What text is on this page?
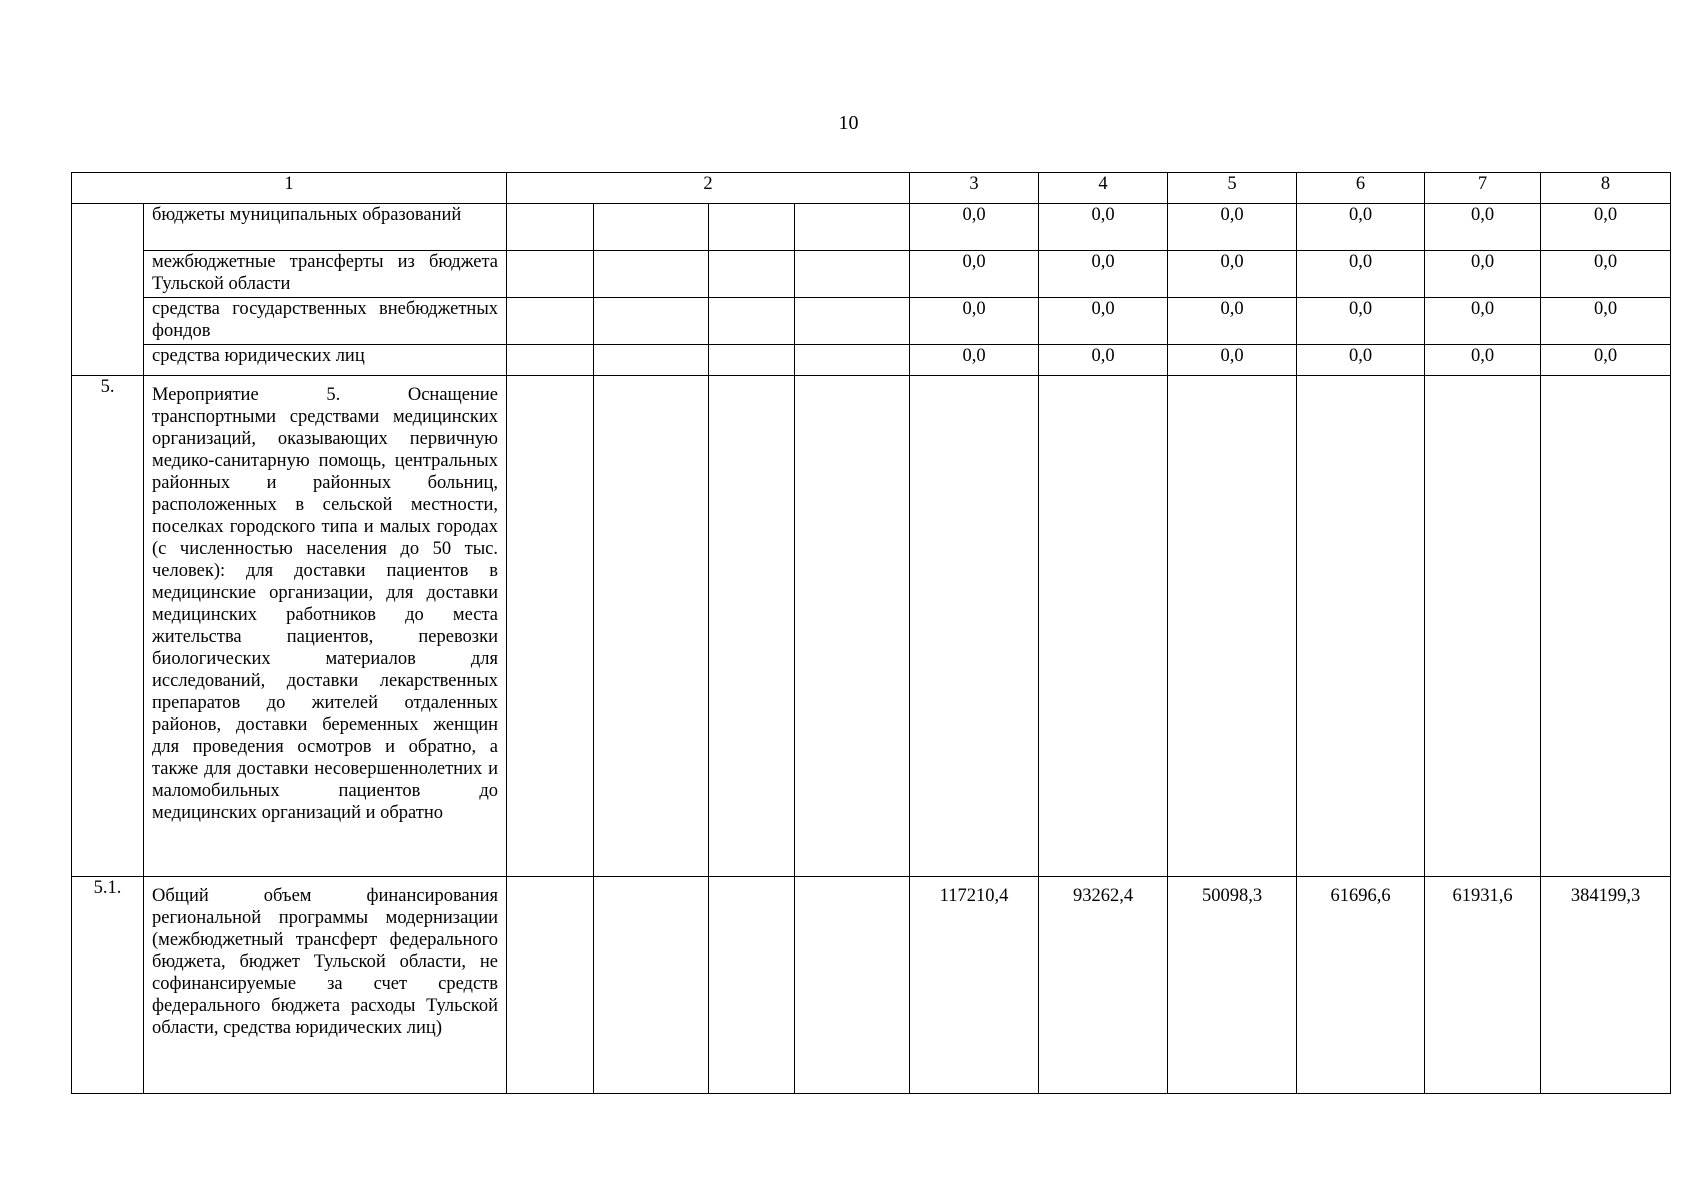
10
1		2				3	4	5	6	7	8
	бюджеты муниципальных образований					0,0	0,0	0,0	0,0	0,0	0,0
	межбюджетные трансферты из бюджета Тульской области					0,0	0,0	0,0	0,0	0,0	0,0
	средства государственных внебюджетных фондов					0,0	0,0	0,0	0,0	0,0	0,0
	средства юридических лиц					0,0	0,0	0,0	0,0	0,0	0,0
5.	Мероприятие 5. Оснащение транспортными средствами медицинских организаций, оказывающих первичную медико-санитарную помощь, центральных районных и районных больниц, расположенных в сельской местности, поселках городского типа и малых городах (с численностью населения до 50 тыс. человек): для доставки пациентов в медицинские организации, для доставки медицинских работников до места жительства пациентов, перевозки биологических материалов для исследований, доставки лекарственных препаратов до жителей отдаленных районов, доставки беременных женщин для проведения осмотров и обратно, а также для доставки несовершеннолетних и маломобильных пациентов до медицинских организаций и обратно										
5.1.	Общий объем финансирования региональной программы модернизации (межбюджетный трансферт федерального бюджета, бюджет Тульской области, не софинансируемые за счет средств федерального бюджета расходы Тульской области, средства юридических лиц)					117210,4	93262,4	50098,3	61696,6	61931,6	384199,3
